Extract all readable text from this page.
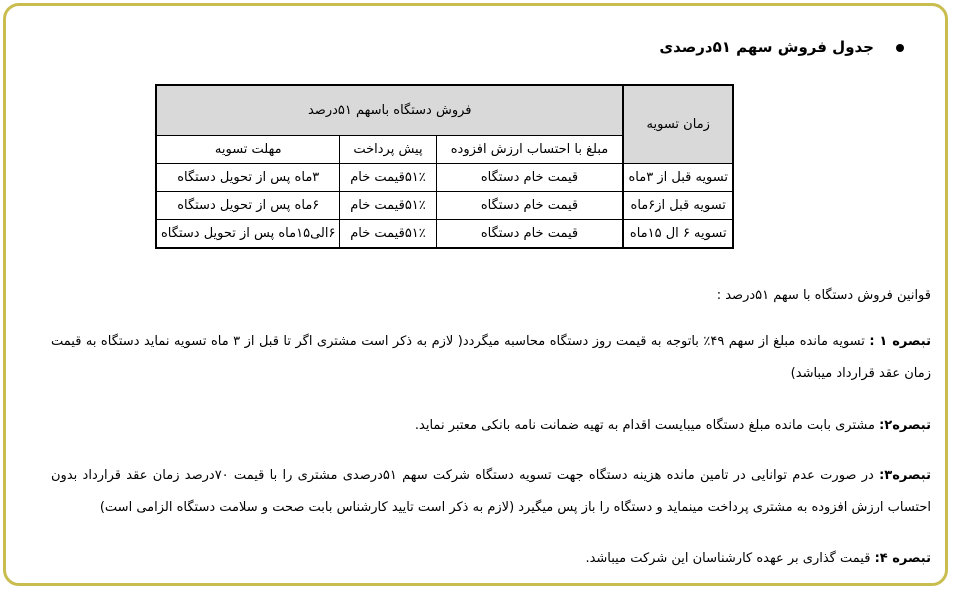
جدول فروش سهم ۵۱درصدی
زمان تسویه	فروش دستگاه باسهم ۵۱درصد		
	مبلغ با احتساب ارزش افزوده	پیش پرداخت	مهلت تسویه
تسویه قبل از ۳ماه	قیمت خام دستگاه	۵۱٪قیمت خام	۳ماه پس از تحویل دستگاه
تسویه قبل از۶ماه	قیمت خام دستگاه	۵۱٪قیمت خام	۶ماه پس از تحویل دستگاه
تسویه ۶ ال ۱۵ماه	قیمت خام دستگاه	۵۱٪قیمت خام	۶الی۱۵ماه پس از تحویل دستگاه
قوانین فروش دستگاه با سهم ۵۱درصد :
تبصره ۱ : تسویه مانده مبلغ از سهم ۴۹٪ باتوجه به قیمت روز دستگاه محاسبه میگردد( لازم به ذکر است مشتری اگر تا قبل از ۳ ماه تسویه نماید دستگاه به قیمت زمان عقد قرارداد میباشد)
تبصره۲: مشتری بابت مانده مبلغ دستگاه میبایست اقدام به تهیه ضمانت نامه بانکی معتبر نماید.
تبصره۳: در صورت عدم توانایی در تامین مانده هزینه دستگاه جهت تسویه دستگاه شرکت سهم ۵۱درصدی مشتری را با قیمت ۷۰درصد زمان عقد قرارداد بدون احتساب ارزش افزوده به مشتری پرداخت مینماید و دستگاه را باز پس میگیرد (لازم به ذکر است تایید کارشناس بابت صحت و سلامت دستگاه الزامی است)
تبصره ۴: قیمت گذاری بر عهده کارشناسان این شرکت میباشد.
